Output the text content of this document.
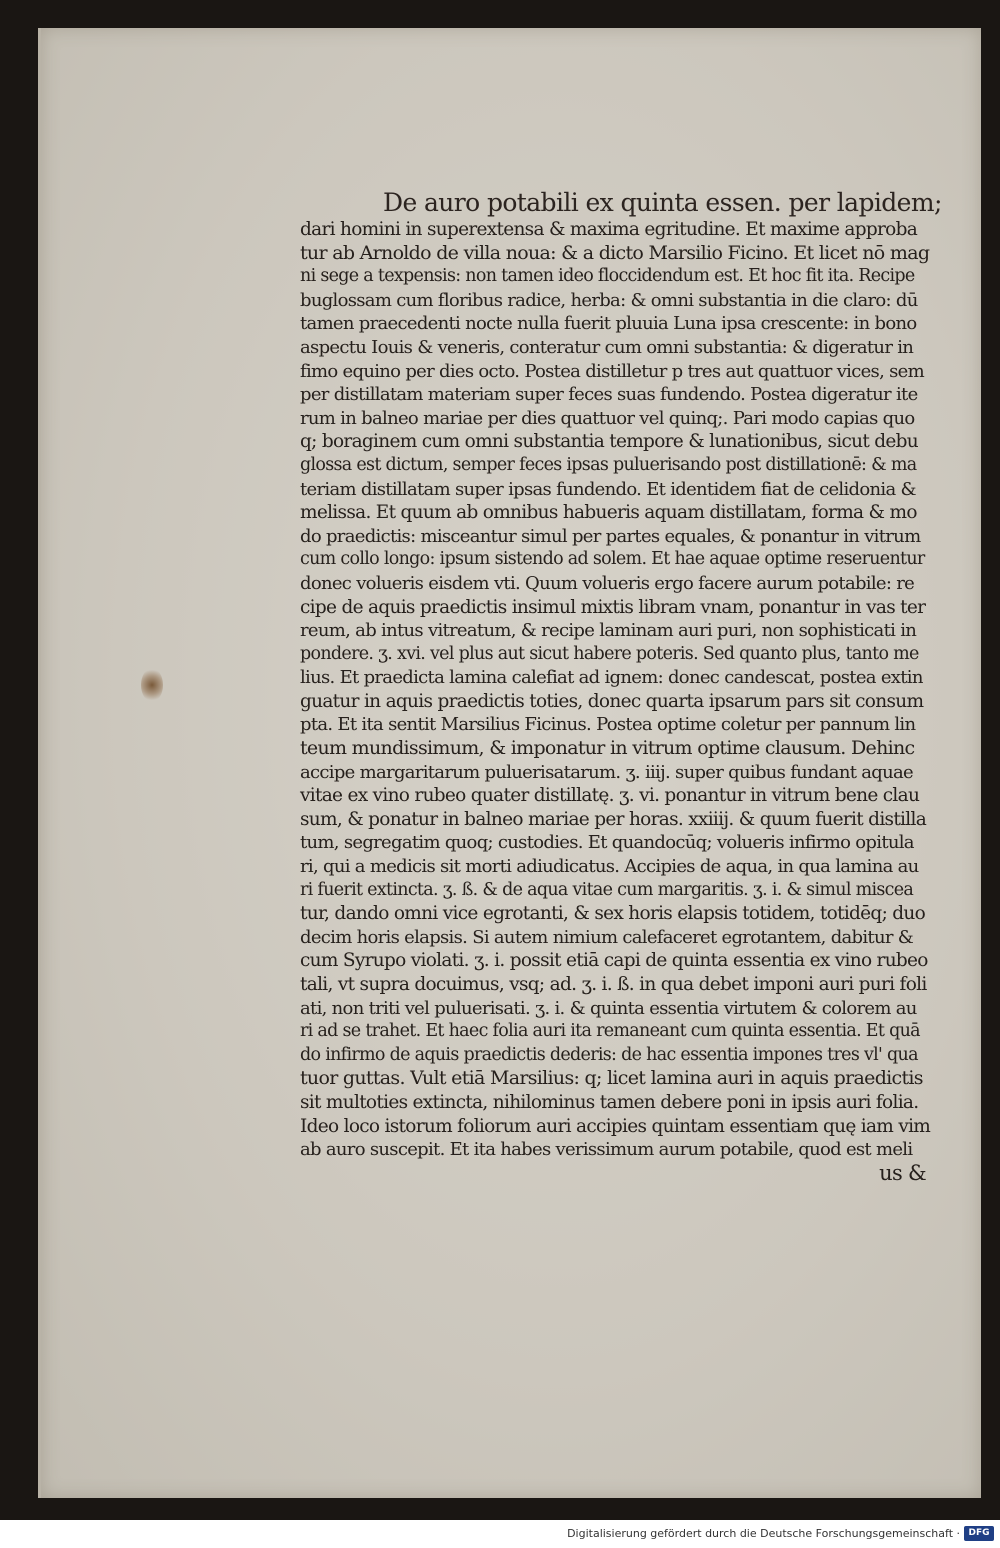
De auro potabili ex quinta essen. per lapidem;
dari homini in superextensa & maxima egritudine. Et maxime approba
tur ab Arnoldo de villa noua: & a dicto Marsilio Ficino. Et licet nō mag
ni sege a texpensis: non tamen ideo floccidendum est. Et hoc fit ita. Recipe
buglossam cum floribus radice, herba: & omni substantia in die claro: dū
tamen praecedenti nocte nulla fuerit pluuia Luna ipsa crescente: in bono
aspectu Iouis & veneris, conteratur cum omni substantia: & digeratur in
fimo equino per dies octo. Postea distilletur p tres aut quattuor vices, sem
per distillatam materiam super feces suas fundendo. Postea digeratur ite
rum in balneo mariae per dies quattuor vel quinq;. Pari modo capias quo
q; boraginem cum omni substantia tempore & lunationibus, sicut debu
glossa est dictum, semper feces ipsas puluerisando post distillationē: & ma
teriam distillatam super ipsas fundendo. Et identidem fiat de celidonia &
melissa. Et quum ab omnibus habueris aquam distillatam, forma & mo
do praedictis: misceantur simul per partes equales, & ponantur in vitrum
cum collo longo: ipsum sistendo ad solem. Et hae aquae optime reseruentur
donec volueris eisdem vti. Quum volueris ergo facere aurum potabile: re
cipe de aquis praedictis insimul mixtis libram vnam, ponantur in vas ter
reum, ab intus vitreatum, & recipe laminam auri puri, non sophisticati in
pondere. ʒ. xvi. vel plus aut sicut habere poteris. Sed quanto plus, tanto me
lius. Et praedicta lamina calefiat ad ignem: donec candescat, postea extin
guatur in aquis praedictis toties, donec quarta ipsarum pars sit consum
pta. Et ita sentit Marsilius Ficinus. Postea optime coletur per pannum lin
teum mundissimum, & imponatur in vitrum optime clausum. Dehinc
accipe margaritarum puluerisatarum. ʒ. iiij. super quibus fundant aquae
vitae ex vino rubeo quater distillatę. ʒ. vi. ponantur in vitrum bene clau
sum, & ponatur in balneo mariae per horas. xxiiij. & quum fuerit distilla
tum, segregatim quoq; custodies. Et quandocūq; volueris infirmo opitula
ri, qui a medicis sit morti adiudicatus. Accipies de aqua, in qua lamina au
ri fuerit extincta. ʒ. ß. & de aqua vitae cum margaritis. ʒ. i. & simul miscea
tur, dando omni vice egrotanti, & sex horis elapsis totidem, totidēq; duo
decim horis elapsis. Si autem nimium calefaceret egrotantem, dabitur &
cum Syrupo violati. ʒ. i. possit etiā capi de quinta essentia ex vino rubeo
tali, vt supra docuimus, vsq; ad. ʒ. i. ß. in qua debet imponi auri puri foli
ati, non triti vel puluerisati. ʒ. i. & quinta essentia virtutem & colorem au
ri ad se trahet. Et haec folia auri ita remaneant cum quinta essentia. Et quā
do infirmo de aquis praedictis dederis: de hac essentia impones tres vl' qua
tuor guttas. Vult etiā Marsilius: q; licet lamina auri in aquis praedictis
sit multoties extincta, nihilominus tamen debere poni in ipsis auri folia.
Ideo loco istorum foliorum auri accipies quintam essentiam quę iam vim
ab auro suscepit. Et ita habes verissimum aurum potabile, quod est meli
us &
Digitalisierung gefördert durch die Deutsche Forschungsgemeinschaft · DFG
